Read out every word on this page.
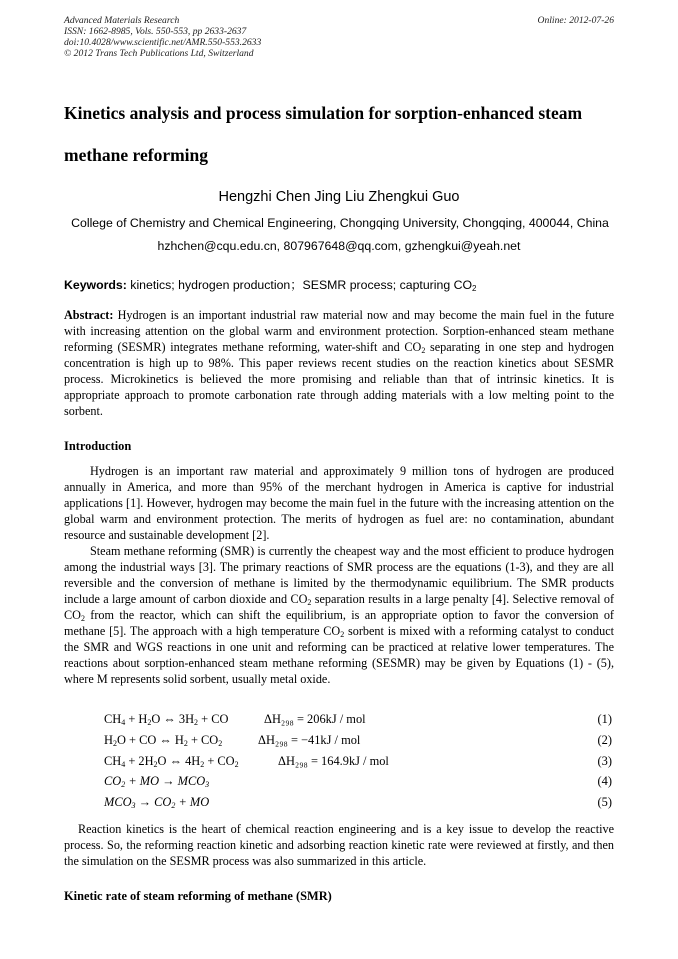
Advanced Materials Research
ISSN: 1662-8985, Vols. 550-553, pp 2633-2637
doi:10.4028/www.scientific.net/AMR.550-553.2633
© 2012 Trans Tech Publications Ltd, Switzerland
Online: 2012-07-26
Kinetics analysis and process simulation for sorption-enhanced steam
methane reforming
Hengzhi Chen Jing Liu Zhengkui Guo
College of Chemistry and Chemical Engineering, Chongqing University, Chongqing, 400044, China
hzhchen@cqu.edu.cn, 807967648@qq.com, gzhengkui@yeah.net
Keywords: kinetics; hydrogen production；SESMR process; capturing $CO_2$
Abstract: Hydrogen is an important industrial raw material now and may become the main fuel in the future with increasing attention on the global warm and environment protection. Sorption-enhanced steam methane reforming (SESMR) integrates methane reforming, water-shift and $CO_2$ separating in one step and hydrogen concentration is high up to 98%. This paper reviews recent studies on the reaction kinetics about SESMR process. Microkinetics is believed the more promising and reliable than that of intrinsic kinetics. It is appropriate approach to promote carbonation rate through adding materials with a low melting point to the sorbent.
Introduction
Hydrogen is an important raw material and approximately 9 million tons of hydrogen are produced annually in America, and more than 95% of the merchant hydrogen in America is captive for industrial applications [1]. However, hydrogen may become the main fuel in the future with the increasing attention on the global warm and environment protection. The merits of hydrogen as fuel are: no contamination, abundant resource and sustainable development [2].
Steam methane reforming (SMR) is currently the cheapest way and the most efficient to produce hydrogen among the industrial ways [3]. The primary reactions of SMR process are the equations (1-3), and they are all reversible and the conversion of methane is limited by the thermodynamic equilibrium. The SMR products include a large amount of carbon dioxide and $CO_2$ separation results in a large penalty [4]. Selective removal of $CO_2$ from the reactor, which can shift the equilibrium, is an appropriate option to favor the conversion of methane [5]. The approach with a high temperature $CO_2$ sorbent is mixed with a reforming catalyst to conduct the SMR and WGS reactions in one unit and reforming can be practiced at relative lower temperatures. The reactions about sorption-enhanced steam methane reforming (SESMR) may be given by Equations (1) - (5), where M represents solid sorbent, usually metal oxide.
$CH_4 + H_2O$ ⇔ $3H_2$ + CO	ΔH₂₉₈ = 206kJ / mol	(1)
$H_2O$ + CO ⇔ $H_2 + CO_2$	ΔH₂₉₈ = −41kJ / mol	(2)
$CH_4 + 2H_2O$ ⇔ $4H_2 + CO_2$	ΔH₂₉₈ = 164.9kJ / mol	(3)
$CO_2$ + MO → $MCO_3$	(4)
$MCO_3 \to CO_2$ + MO	(5)
Reaction kinetics is the heart of chemical reaction engineering and is a key issue to develop the reactive process. So, the reforming reaction kinetic and adsorbing reaction kinetic rate were reviewed at firstly, and then the simulation on the SESMR process was also summarized in this article.
Kinetic rate of steam reforming of methane (SMR)
